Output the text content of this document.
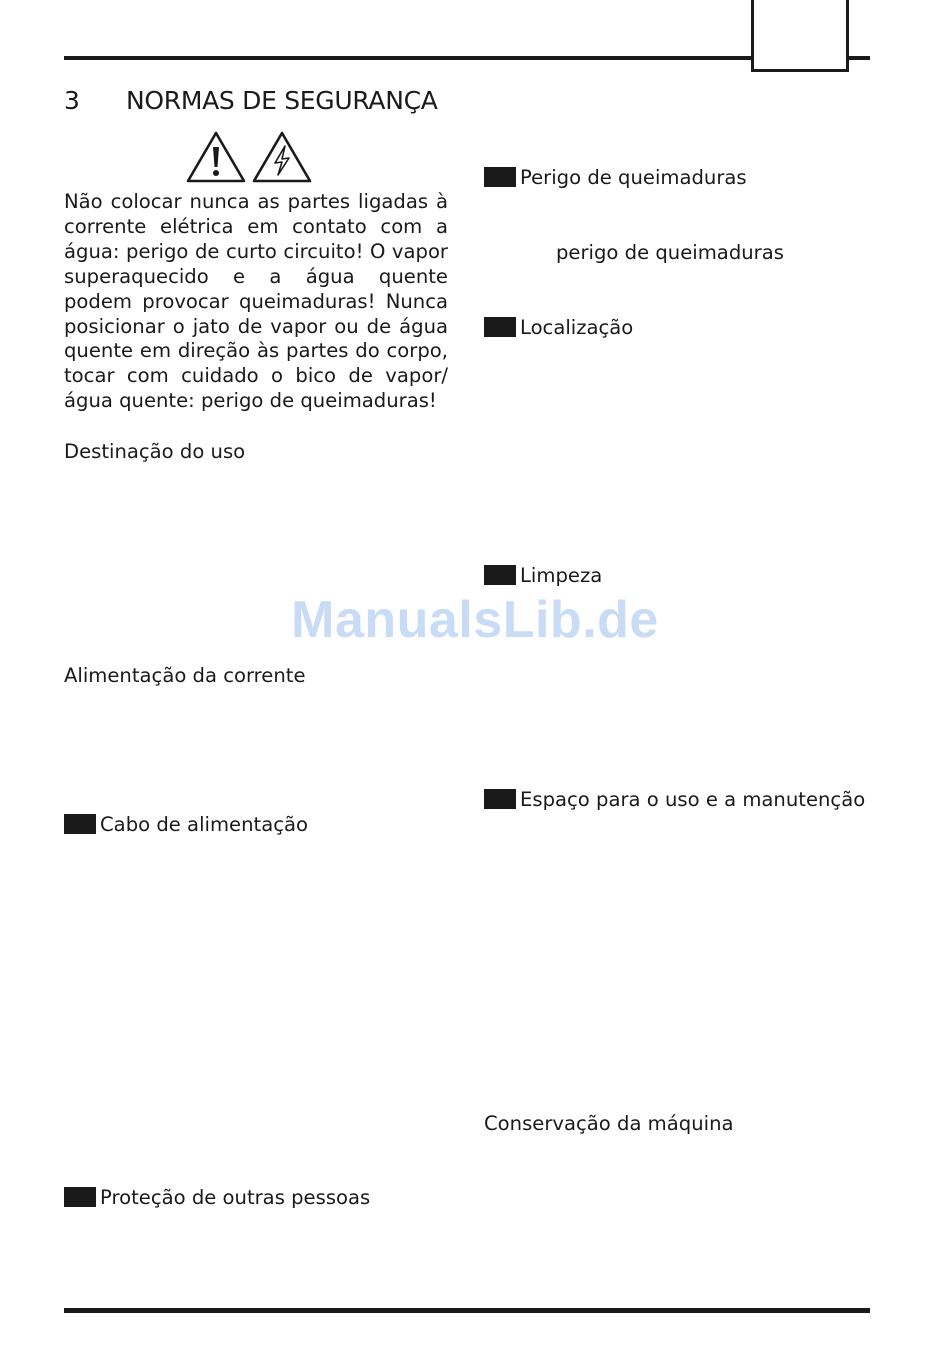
3 NORMAS DE SEGURANÇA
Não colocar nunca as partes ligadas à corrente elétrica em contato com a água: perigo de curto circuito! O vapor superaquecido e a água quente podem provocar queimaduras! Nunca posicionar o jato de vapor ou de água quente em direção às partes do corpo, tocar com cuidado o bico de vapor/água quente: perigo de queimaduras!
Destinação do uso
Alimentação da corrente
Cabo de alimentação
Proteção de outras pessoas
Perigo de queimaduras
perigo de queimaduras
Localização
Limpeza
Espaço para o uso e a manutenção
Conservação da máquina
ManualsLib.de
